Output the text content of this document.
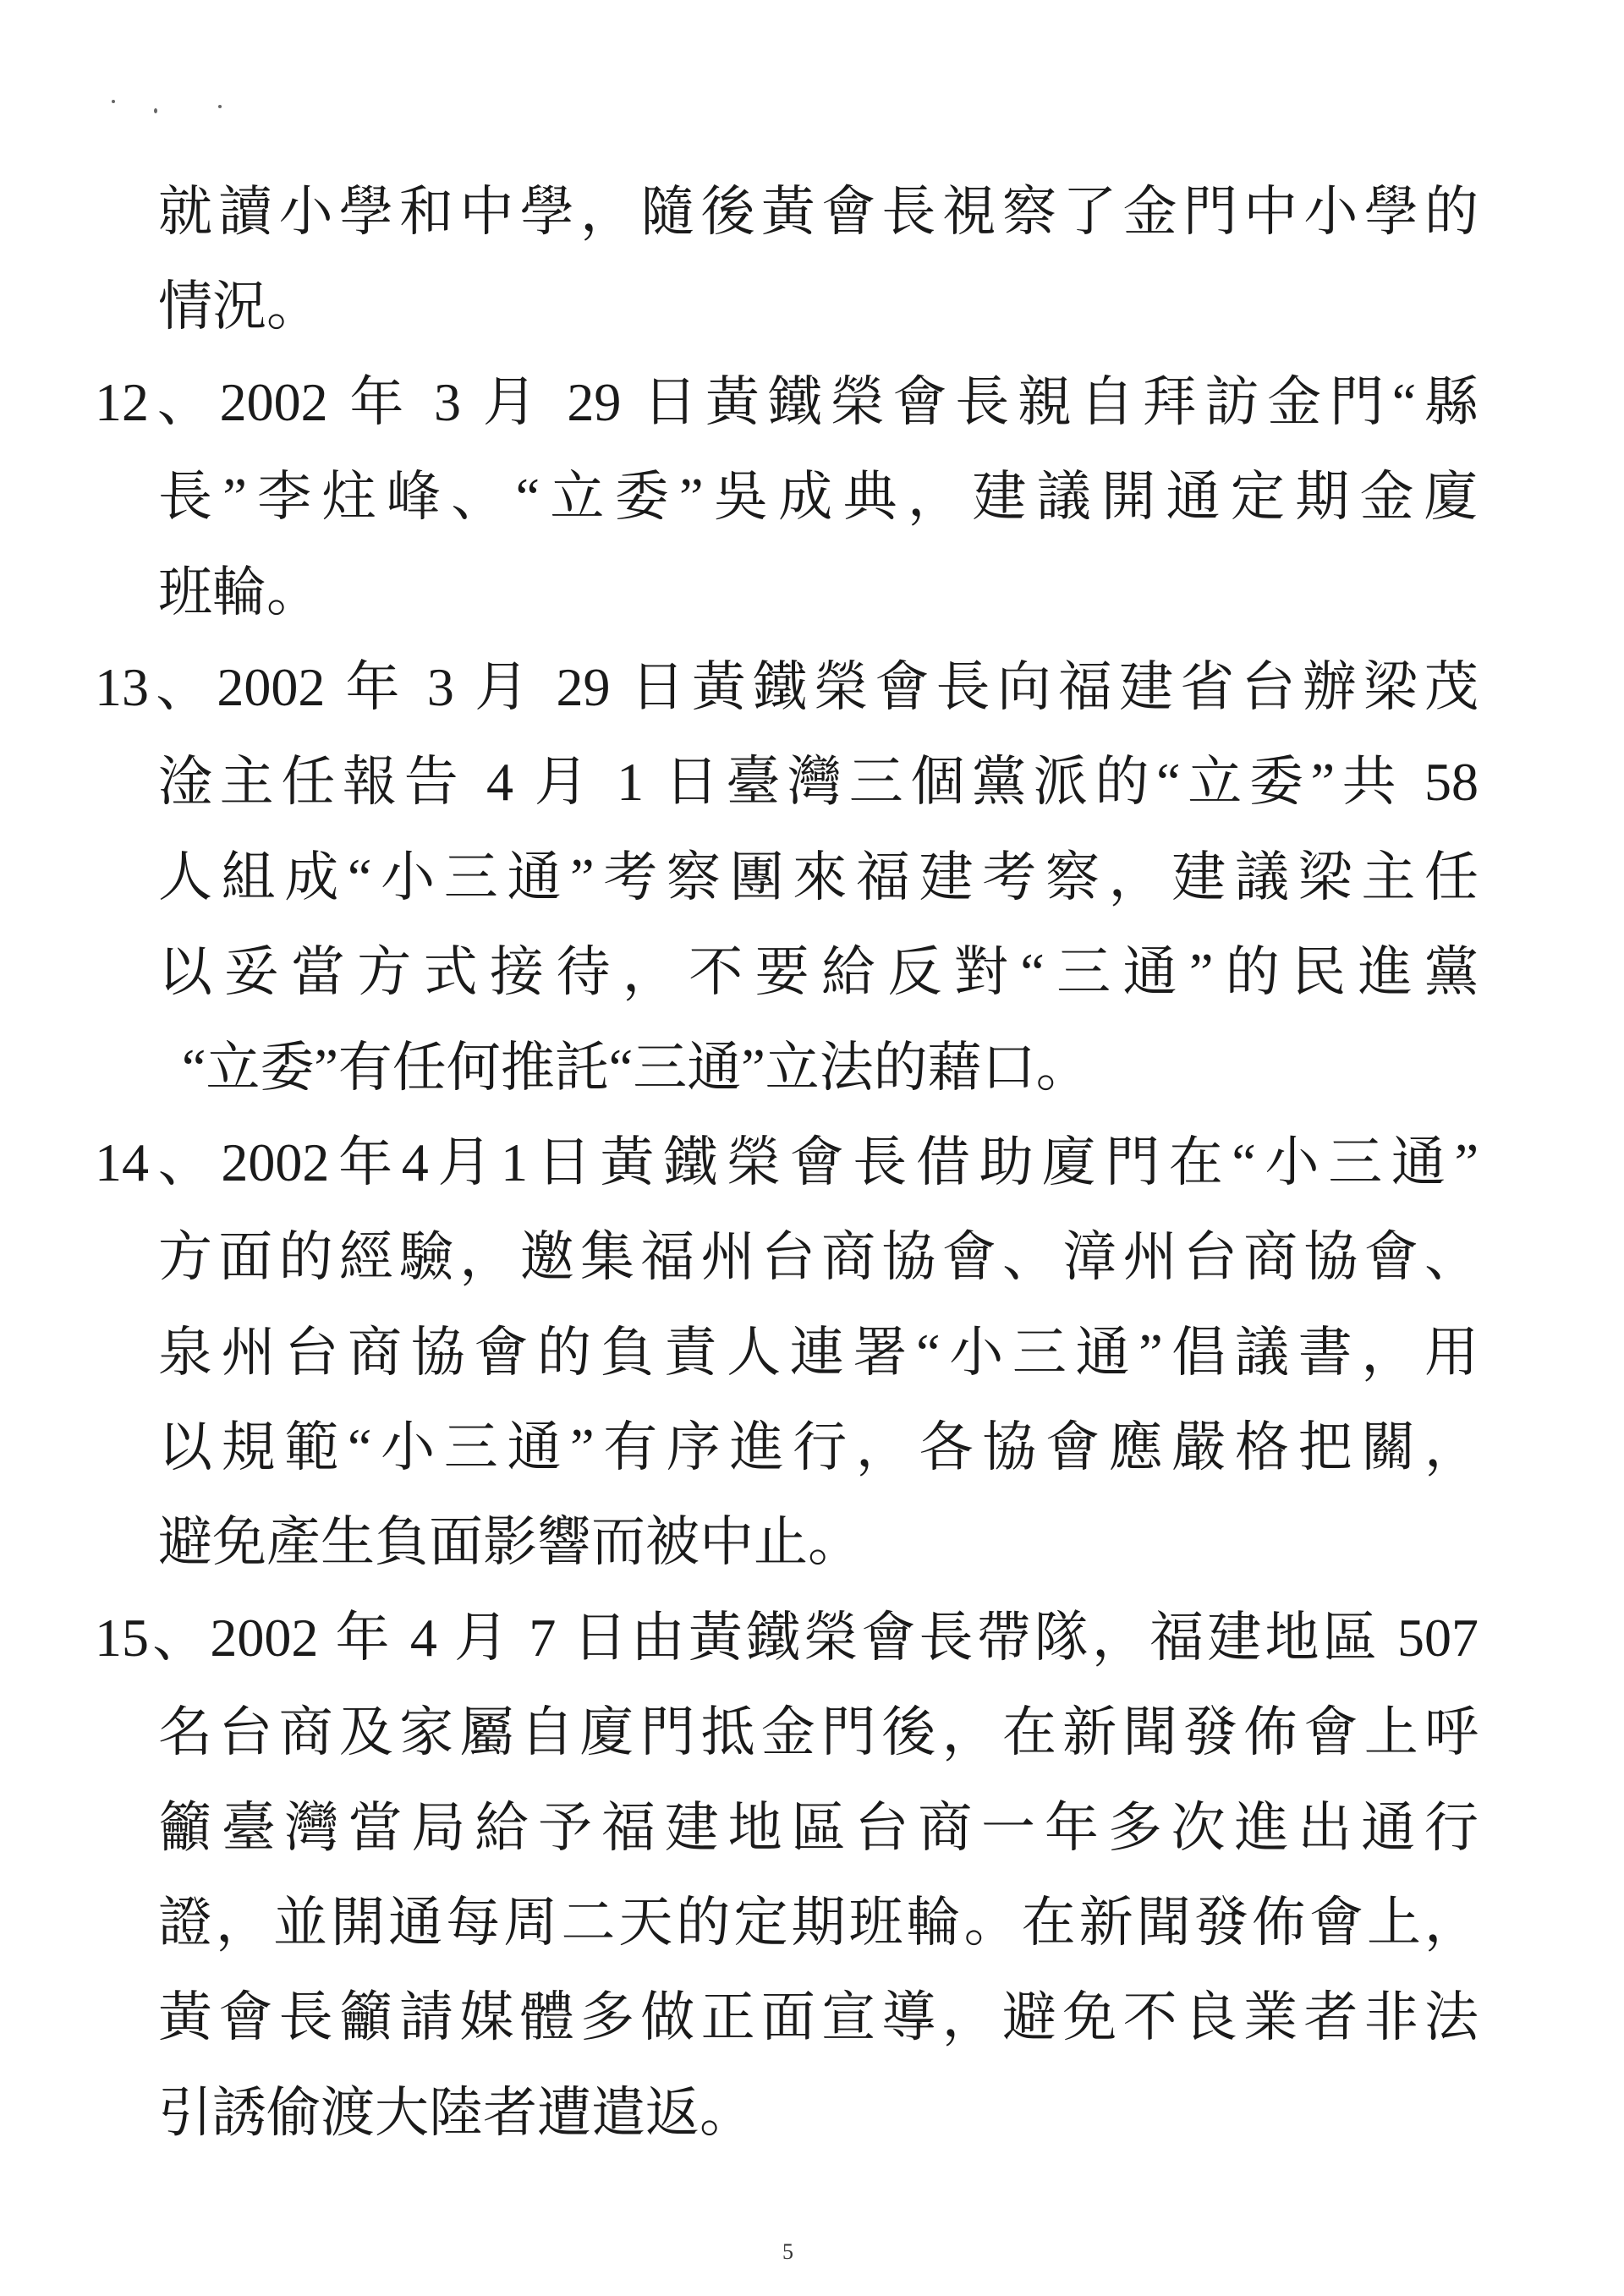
就讀小學和中學，隨後黃會長視察了金門中小學的
情況。
12、2002 年 3 月 29 日黃鐵榮會長親自拜訪金門“縣
長”李炷峰、“立委”吳成典，建議開通定期金廈
班輪。
13、2002 年 3 月 29 日黃鐵榮會長向福建省台辦梁茂
淦主任報告 4 月 1 日臺灣三個黨派的“立委”共 58
人組成“小三通”考察團來福建考察，建議梁主任
以妥當方式接待，不要給反對“三通”的民進黨
“立委”有任何推託“三通”立法的藉口。
14、2002年4月1日黃鐵榮會長借助廈門在“小三通”
方面的經驗，邀集福州台商協會、漳州台商協會、
泉州台商協會的負責人連署“小三通”倡議書，用
以規範“小三通”有序進行，各協會應嚴格把關，
避免產生負面影響而被中止。
15、2002 年 4 月 7 日由黃鐵榮會長帶隊，福建地區 507
名台商及家屬自廈門抵金門後，在新聞發佈會上呼
籲臺灣當局給予福建地區台商一年多次進出通行
證，並開通每周二天的定期班輪。在新聞發佈會上，
黃會長籲請媒體多做正面宣導，避免不良業者非法
引誘偷渡大陸者遭遣返。
5
